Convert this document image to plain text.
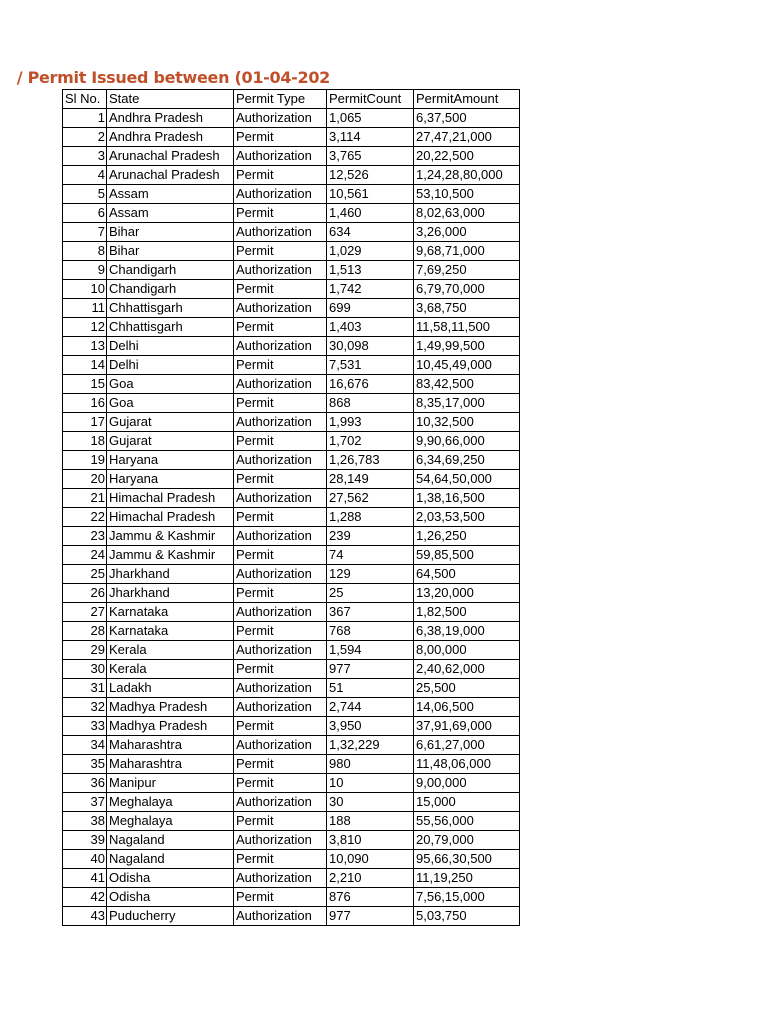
/ Permit Issued between (01-04-202
Sl No.	State	Permit Type	PermitCount	PermitAmount
1	Andhra Pradesh	Authorization	1,065	6,37,500
2	Andhra Pradesh	Permit	3,114	27,47,21,000
3	Arunachal Pradesh	Authorization	3,765	20,22,500
4	Arunachal Pradesh	Permit	12,526	1,24,28,80,000
5	Assam	Authorization	10,561	53,10,500
6	Assam	Permit	1,460	8,02,63,000
7	Bihar	Authorization	634	3,26,000
8	Bihar	Permit	1,029	9,68,71,000
9	Chandigarh	Authorization	1,513	7,69,250
10	Chandigarh	Permit	1,742	6,79,70,000
11	Chhattisgarh	Authorization	699	3,68,750
12	Chhattisgarh	Permit	1,403	11,58,11,500
13	Delhi	Authorization	30,098	1,49,99,500
14	Delhi	Permit	7,531	10,45,49,000
15	Goa	Authorization	16,676	83,42,500
16	Goa	Permit	868	8,35,17,000
17	Gujarat	Authorization	1,993	10,32,500
18	Gujarat	Permit	1,702	9,90,66,000
19	Haryana	Authorization	1,26,783	6,34,69,250
20	Haryana	Permit	28,149	54,64,50,000
21	Himachal Pradesh	Authorization	27,562	1,38,16,500
22	Himachal Pradesh	Permit	1,288	2,03,53,500
23	Jammu & Kashmir	Authorization	239	1,26,250
24	Jammu & Kashmir	Permit	74	59,85,500
25	Jharkhand	Authorization	129	64,500
26	Jharkhand	Permit	25	13,20,000
27	Karnataka	Authorization	367	1,82,500
28	Karnataka	Permit	768	6,38,19,000
29	Kerala	Authorization	1,594	8,00,000
30	Kerala	Permit	977	2,40,62,000
31	Ladakh	Authorization	51	25,500
32	Madhya Pradesh	Authorization	2,744	14,06,500
33	Madhya Pradesh	Permit	3,950	37,91,69,000
34	Maharashtra	Authorization	1,32,229	6,61,27,000
35	Maharashtra	Permit	980	11,48,06,000
36	Manipur	Permit	10	9,00,000
37	Meghalaya	Authorization	30	15,000
38	Meghalaya	Permit	188	55,56,000
39	Nagaland	Authorization	3,810	20,79,000
40	Nagaland	Permit	10,090	95,66,30,500
41	Odisha	Authorization	2,210	11,19,250
42	Odisha	Permit	876	7,56,15,000
43	Puducherry	Authorization	977	5,03,750
